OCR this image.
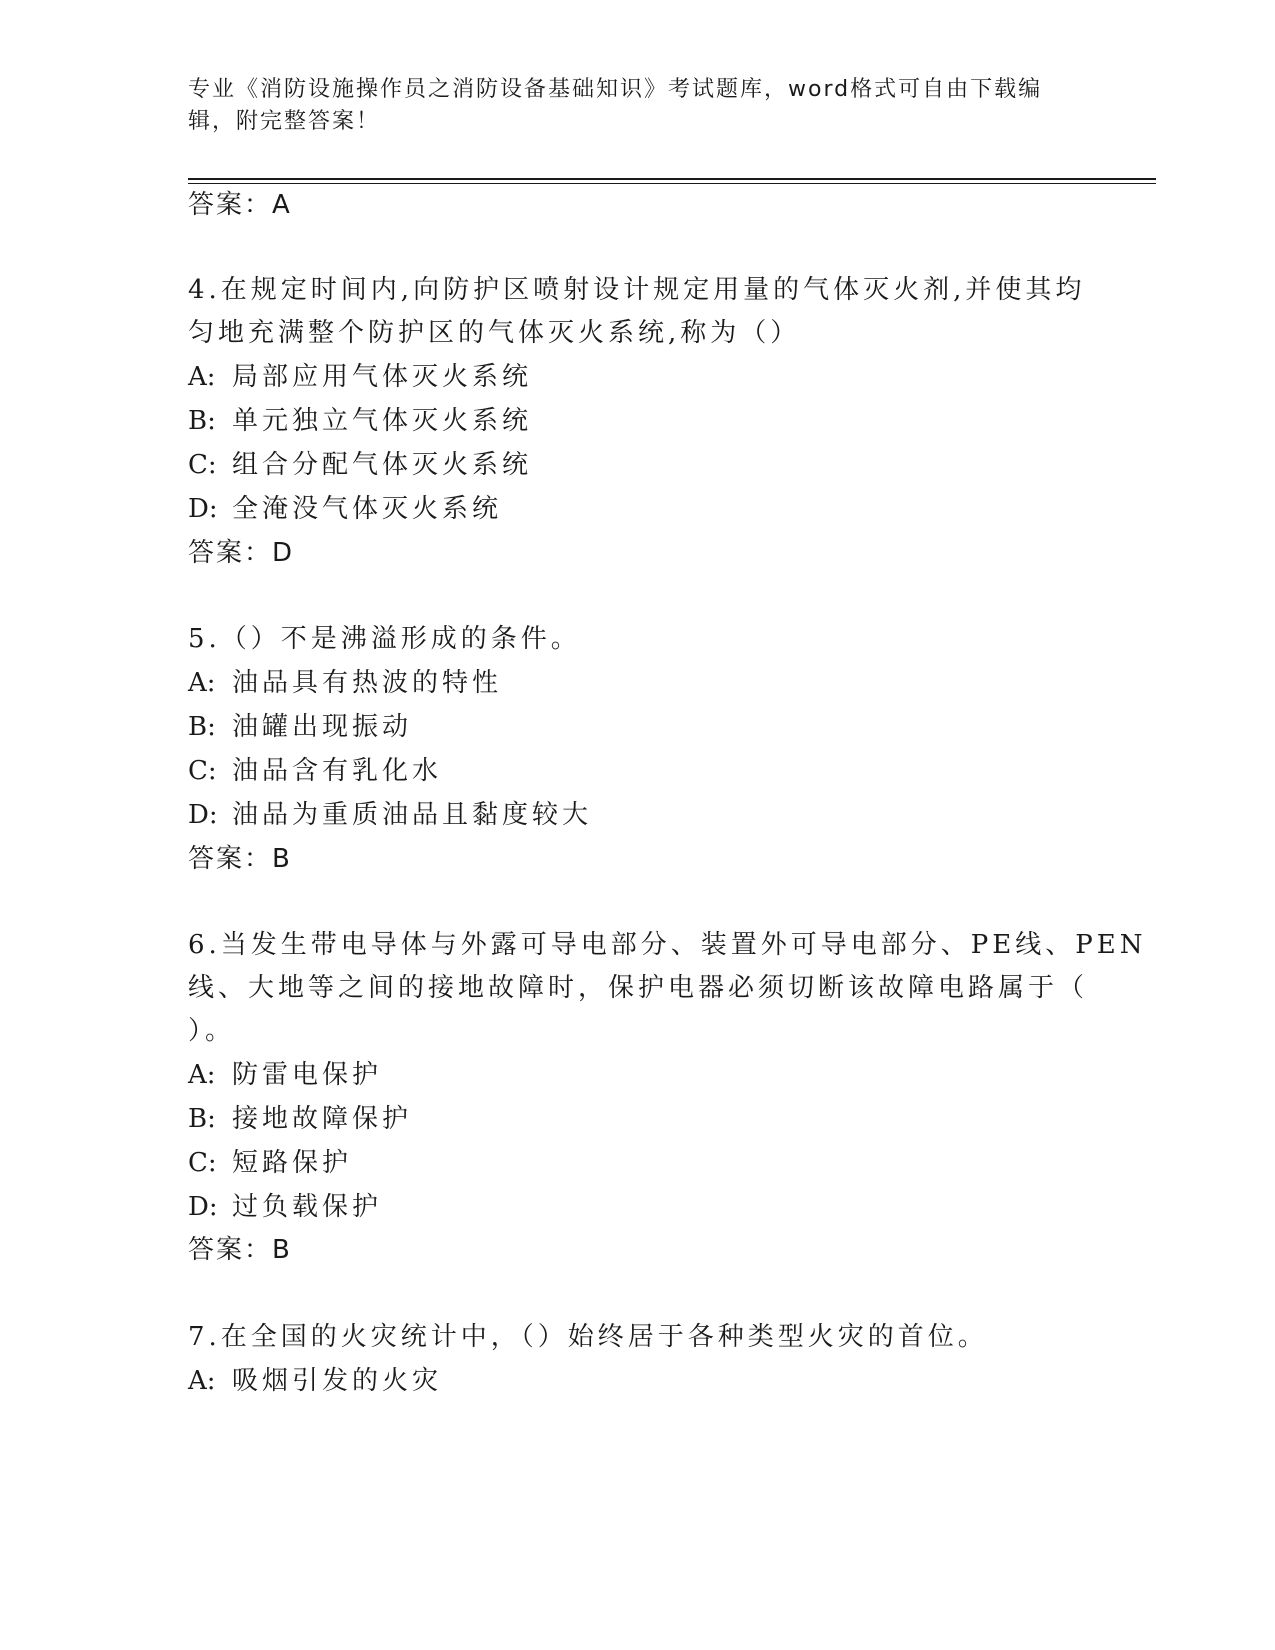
专业《消防设施操作员之消防设备基础知识》考试题库，word格式可自由下载编
辑，附完整答案！
答案：A
4.在规定时间内,向防护区喷射设计规定用量的气体灭火剂,并使其均
匀地充满整个防护区的气体灭火系统,称为（）
A: 局部应用气体灭火系统
B: 单元独立气体灭火系统
C: 组合分配气体灭火系统
D: 全淹没气体灭火系统
答案：D
5.（）不是沸溢形成的条件。
A: 油品具有热波的特性
B: 油罐出现振动
C: 油品含有乳化水
D: 油品为重质油品且黏度较大
答案：B
6.当发生带电导体与外露可导电部分、装置外可导电部分、PE线、PEN
线、大地等之间的接地故障时，保护电器必须切断该故障电路属于（
）。
A: 防雷电保护
B: 接地故障保护
C: 短路保护
D: 过负载保护
答案：B
7.在全国的火灾统计中，（）始终居于各种类型火灾的首位。
A: 吸烟引发的火灾
